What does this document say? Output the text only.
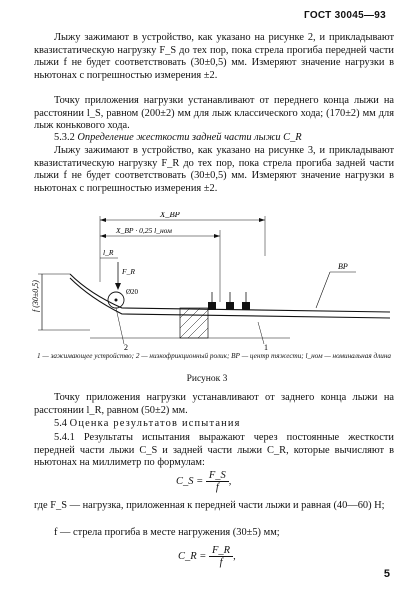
ГОСТ 30045—93

Лыжу зажимают в устройство, как указано на рисунке 2, и прикладывают квазистатическую нагрузку F_S до тех пор, пока стрела прогиба передней части лыжи f не будет соответствовать (30±0,5) мм. Измеряют значение нагрузки в ньютонах с погрешностью измерения ±2.

Точку приложения нагрузки устанавливают от переднего конца лыжи на расстоянии l_S, равном (200±2) мм для лыж классического хода; (170±2) мм для лыж конькового хода.

5.3.2 Определение жесткости задней части лыжи C_R

Лыжу зажимают в устройство, как указано на рисунке 3, и прикладывают квазистатическую нагрузку F_R до тех пор, пока стрела прогиба задней части лыжи f не будет соответствовать (30±0,5) мм. Измеряют значение нагрузки в ньютонах с погрешностью измерения ±2.

f (30±0,5)
X_ВР
X_ВР · 0,25 l_ном
l_R
F_R
Ø20
ВР
1
2
1 — зажимающее устройство; 2 — низкофрикционный ролик; ВР — центр тяжести; l_ном — номинальная длина
Рисунок 3

Точку приложения нагрузки устанавливают от заднего конца лыжи на расстоянии l_R, равном (50±2) мм.

5.4 Оценка результатов испытания

5.4.1 Результаты испытания выражают через постоянные жесткости передней части лыжи C_S и задней части лыжи C_R, которые вычисляют в ньютонах на миллиметр по формулам:

C_S = $\frac{F\_S}{f}$ ,

где F_S — нагрузка, приложенная к передней части лыжи и равная (40—60) Н;

f — стрела прогиба в месте нагружения (30±5) мм;

C_R = $\frac{F\_R}{f}$ ,
5
